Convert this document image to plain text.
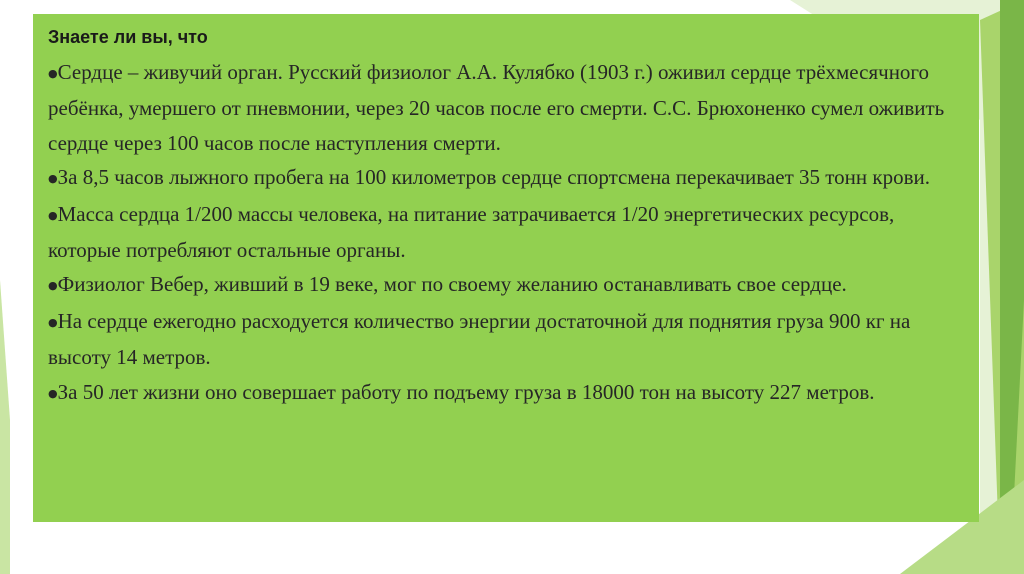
Знаете ли вы, что
●Сердце – живучий орган. Русский физиолог А.А. Кулябко (1903 г.) оживил сердце трёхмесячного ребёнка, умершего от пневмонии, через 20 часов после его смерти. С.С. Брюхоненко сумел оживить сердце через 100 часов после наступления смерти.
●За 8,5 часов лыжного пробега на 100 километров сердце спортсмена перекачивает 35 тонн крови.
●Масса сердца 1/200 массы человека, на питание затрачивается 1/20 энергетических ресурсов, которые потребляют остальные органы.
●Физиолог Вебер, живший в 19 веке, мог по своему желанию останавливать свое сердце.
●На сердце ежегодно расходуется количество энергии достаточной для поднятия груза 900 кг на высоту 14 метров.
●За 50 лет жизни оно совершает работу по подъему груза в 18000 тон на высоту 227 метров.
